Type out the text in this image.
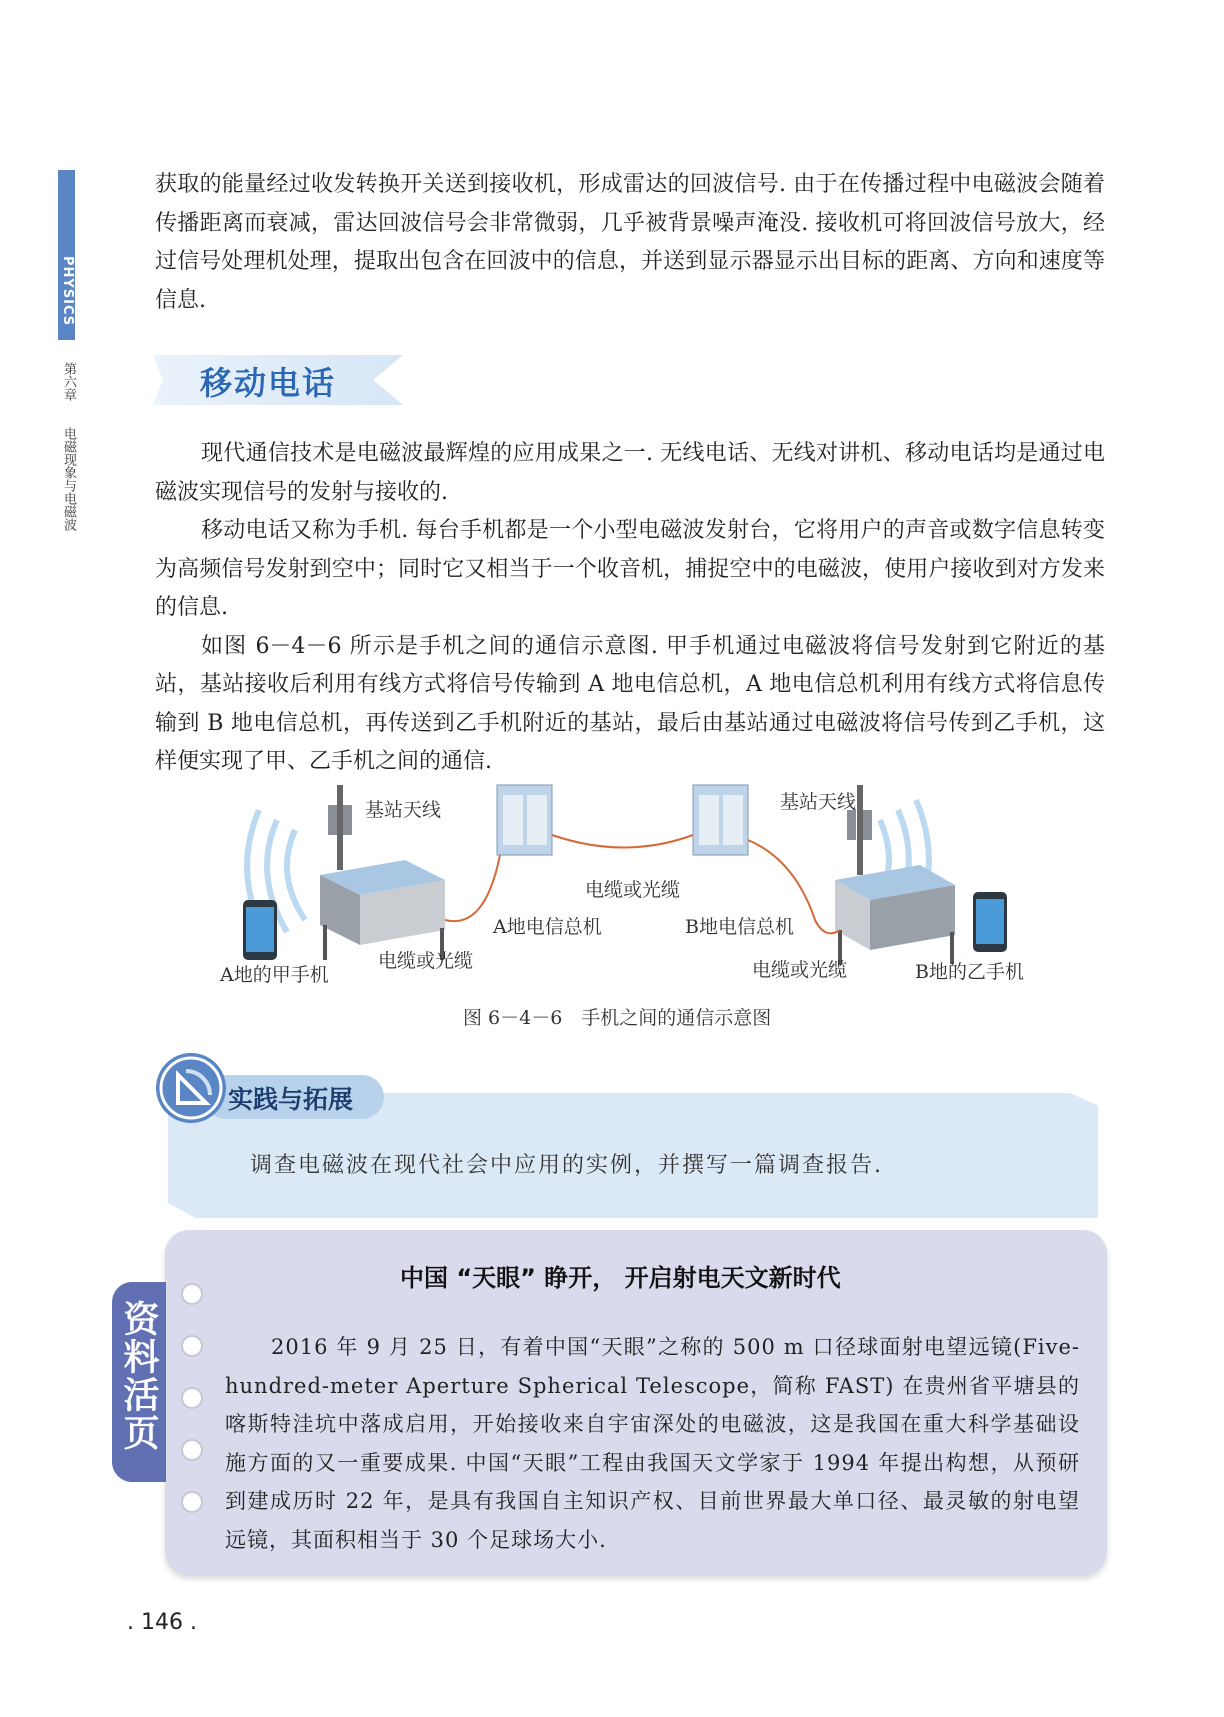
PHYSICS
第六章
电磁现象与电磁波

获取的能量经过收发转换开关送到接收机，形成雷达的回波信号. 由于在传播过程中电磁波会随着传播距离而衰减，雷达回波信号会非常微弱，几乎被背景噪声淹没. 接收机可将回波信号放大，经过信号处理机处理，提取出包含在回波中的信息，并送到显示器显示出目标的距离、方向和速度等信息.

移动电话

现代通信技术是电磁波最辉煌的应用成果之一. 无线电话、无线对讲机、移动电话均是通过电磁波实现信号的发射与接收的.

移动电话又称为手机. 每台手机都是一个小型电磁波发射台，它将用户的声音或数字信息转变为高频信号发射到空中；同时它又相当于一个收音机，捕捉空中的电磁波，使用户接收到对方发来的信息.

如图 6－4－6 所示是手机之间的通信示意图. 甲手机通过电磁波将信号发射到它附近的基站，基站接收后利用有线方式将信号传输到 A 地电信总机，A 地电信总机利用有线方式将信息传输到 B 地电信总机，再传送到乙手机附近的基站，最后由基站通过电磁波将信号传到乙手机，这样便实现了甲、乙手机之间的通信.

基站天线	基站天线
电缆或光缆
A地电信总机	B地电信总机
电缆或光缆	电缆或光缆
A地的甲手机	B地的乙手机
图 6－4－6　手机之间的通信示意图
实践与拓展
调查电磁波在现代社会中应用的实例，并撰写一篇调查报告.
资料活页
中国 “天眼” 睁开， 开启射电天文新时代

2016 年 9 月 25 日，有着中国“天眼”之称的 500 m 口径球面射电望远镜(Five-hundred-meter Aperture Spherical Telescope，简称 FAST) 在贵州省平塘县的喀斯特洼坑中落成启用，开始接收来自宇宙深处的电磁波，这是我国在重大科学基础设施方面的又一重要成果. 中国“天眼”工程由我国天文学家于 1994 年提出构想，从预研到建成历时 22 年，是具有我国自主知识产权、目前世界最大单口径、最灵敏的射电望远镜，其面积相当于 30 个足球场大小.

. 146 .
